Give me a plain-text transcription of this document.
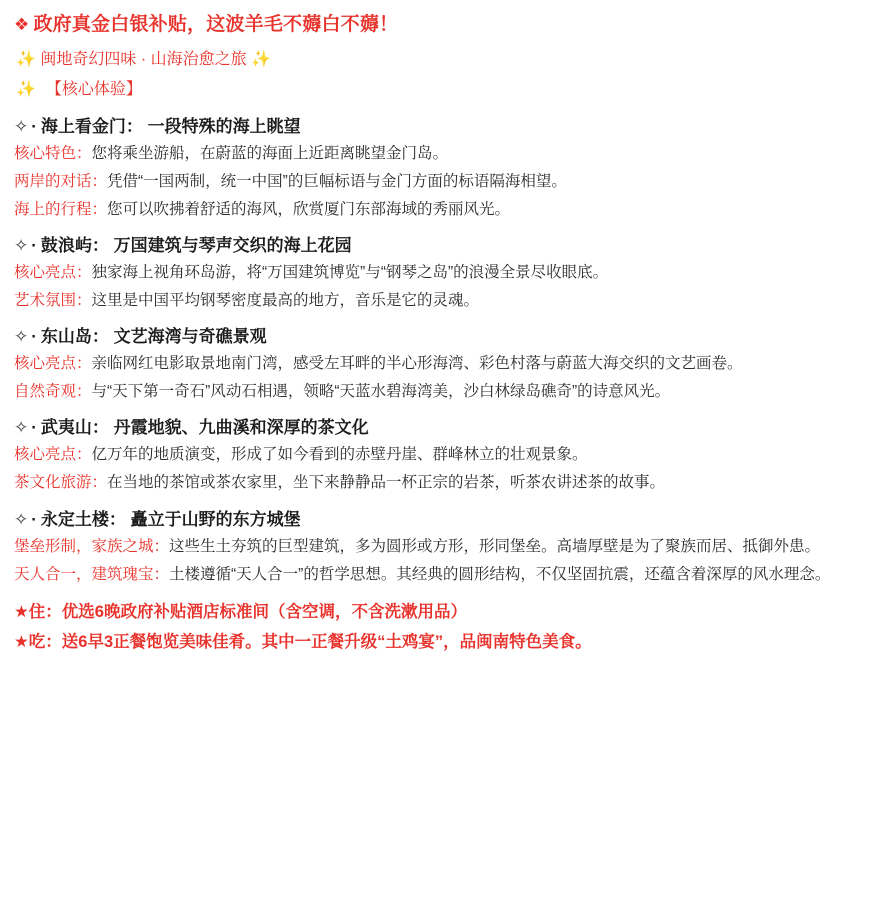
❖ 政府真金白银补贴，这波羊毛不薅白不薅！
✨ 闽地奇幻四味 · 山海治愈之旅 ✨
✨ 【核心体验】
✧ · 海上看金门： 一段特殊的海上眺望
核心特色：您将乘坐游船，在蔚蓝的海面上近距离眺望金门岛。
两岸的对话：凭借“一国两制，统一中国”的巨幅标语与金门方面的标语隔海相望。
海上的行程：您可以吹拂着舒适的海风，欣赏厦门东部海域的秀丽风光。
✧ · 鼓浪屿： 万国建筑与琴声交织的海上花园
核心亮点：独家海上视角环岛游，将“万国建筑博览”与“钢琴之岛”的浪漫全景尽收眼底。
艺术氛围：这里是中国平均钢琴密度最高的地方，音乐是它的灵魂。
✧ · 东山岛： 文艺海湾与奇礁景观
核心亮点：亲临网红电影取景地南门湾，感受左耳畔的半心形海湾、彩色村落与蔚蓝大海交织的文艺画卷。
自然奇观：与“天下第一奇石”风动石相遇，领略“天蓝水碧海湾美，沙白林绿岛礁奇”的诗意风光。
✧ · 武夷山： 丹霞地貌、九曲溪和深厚的茶文化
核心亮点：亿万年的地质演变，形成了如今看到的赤壁丹崖、群峰林立的壮观景象。
茶文化旅游：在当地的茶馆或茶农家里，坐下来静静品一杯正宗的岩茶，听茶农讲述茶的故事。
✧ · 永定土楼： 矗立于山野的东方城堡
堡垒形制，家族之城：这些生土夯筑的巨型建筑，多为圆形或方形，形同堡垒。高墙厚壁是为了聚族而居、抵御外患。
天人合一，建筑瑰宝：土楼遵循“天人合一”的哲学思想。其经典的圆形结构，不仅坚固抗震，还蕴含着深厚的风水理念。
★住：优选6晚政府补贴酒店标准间（含空调，不含洗漱用品）
★吃：送6早3正餐饱览美味佳肴。其中一正餐升级“土鸡宴”，品闽南特色美食。
